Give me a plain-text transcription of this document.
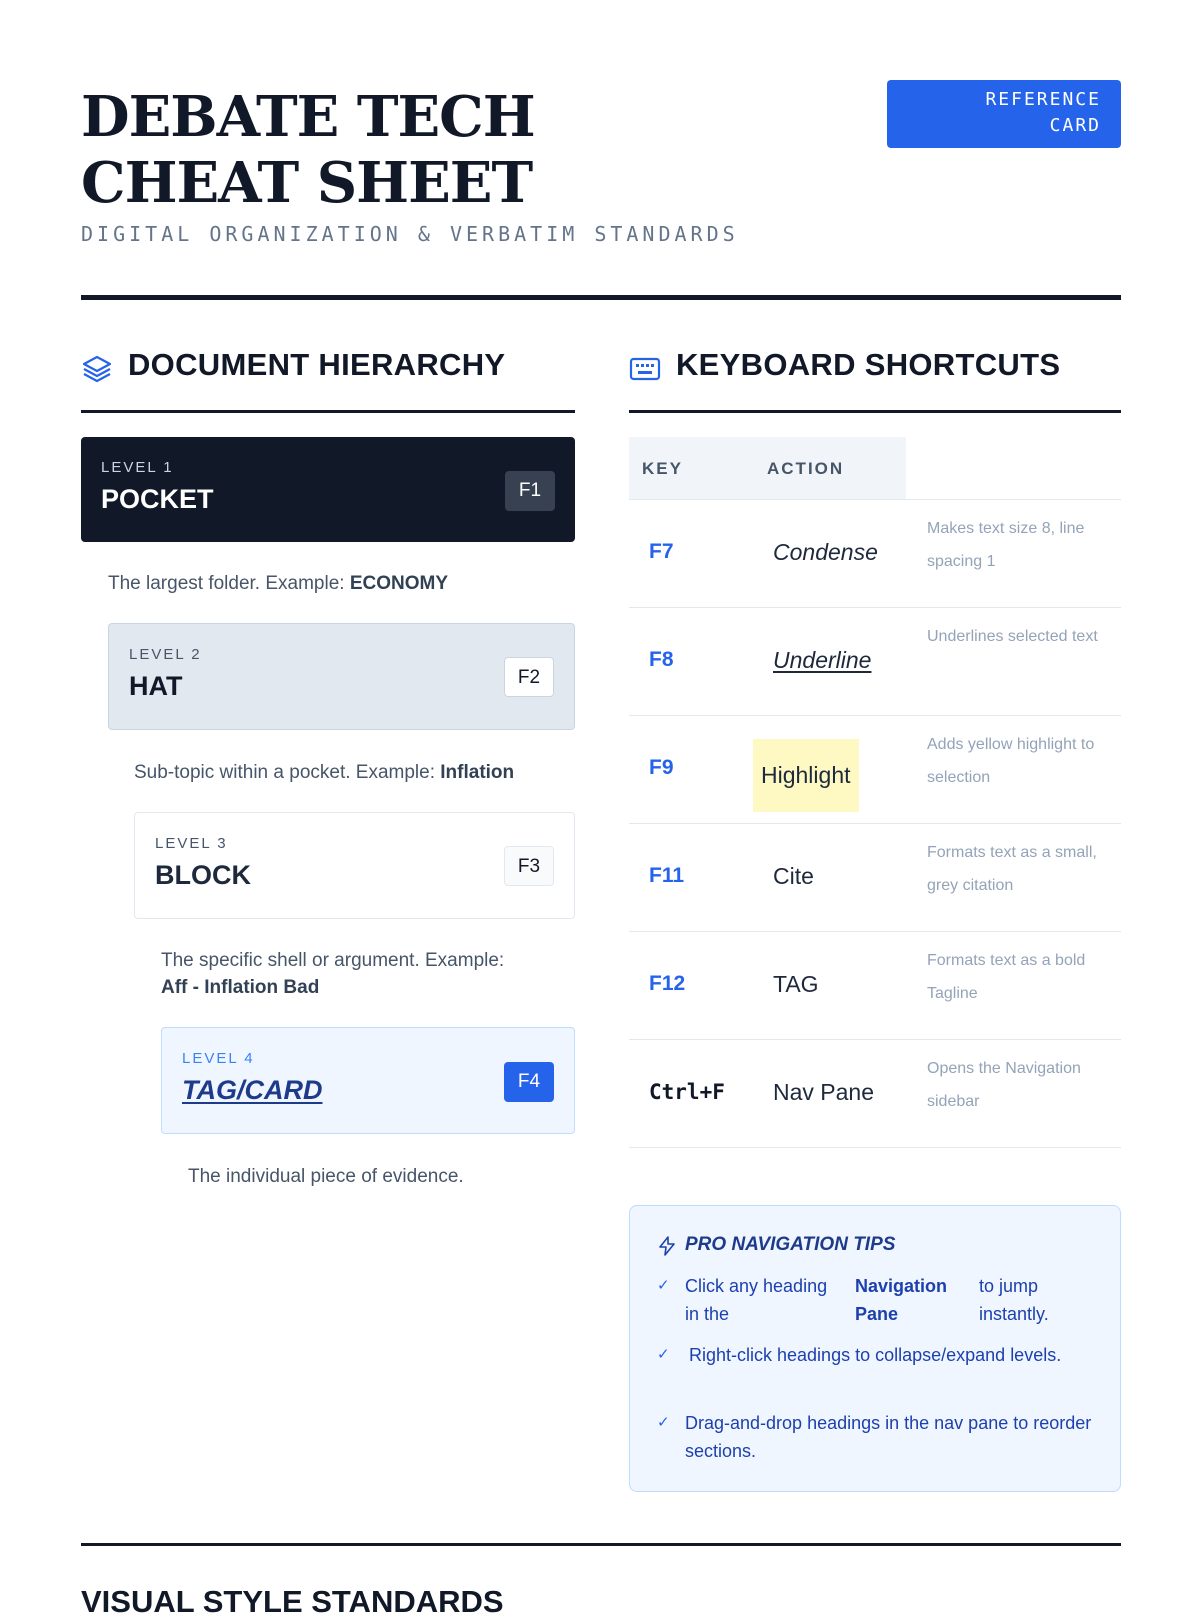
DEBATE TECH CHEAT SHEET
DIGITAL ORGANIZATION & VERBATIM STANDARDS
REFERENCE
CARD
DOCUMENT HIERARCHY
LEVEL 1
POCKET	F1
The largest folder. Example: ECONOMY
LEVEL 2
HAT	F2
Sub-topic within a pocket. Example: Inflation
LEVEL 3
BLOCK	F3
The specific shell or argument. Example:
Aff - Inflation Bad
LEVEL 4
TAG/CARD	F4
The individual piece of evidence.
KEYBOARD SHORTCUTS
KEY	ACTION
F7	Condense
Makes text size 8, line spacing 1
F8	Underline
Underlines selected text
F9	Highlight
Adds yellow highlight to selection
F11	Cite
Formats text as a small, grey citation
F12	TAG
Formats text as a bold Tagline
Ctrl+F Nav Pane
Opens the Navigation sidebar
PRO NAVIGATION TIPS
✓ Click any heading in the
Navigation Pane
to jump instantly.
✓ Right-click headings to collapse/expand levels.
✓ Drag-and-drop headings in the nav pane to reorder sections.
VISUAL STYLE STANDARDS
